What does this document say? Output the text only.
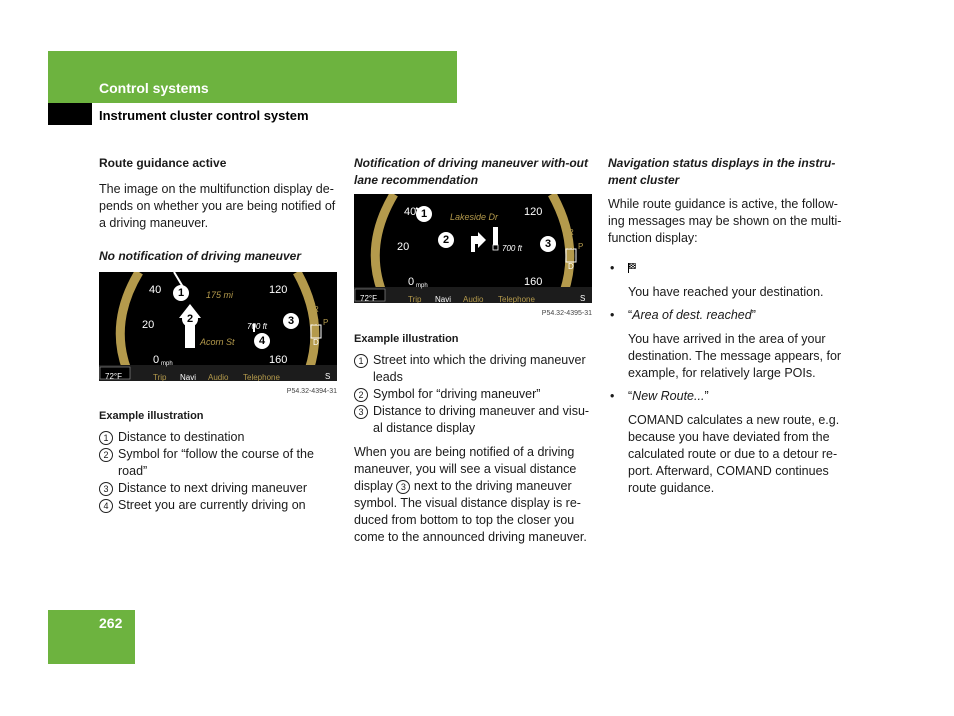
Control systems
Instrument cluster control system

Route guidance active

The image on the multifunction display de-pends on whether you are being notified of a driving maneuver.

No notification of driving maneuver

40	120
20
160
0 mph
1	175 mi
2
700 ft	3
Acorn St	4
R
N P
D
72°F	Trip Navi Audio Telephone	S
P54.32-4394-31

Example illustration

1 Distance to destination
2 Symbol for “follow the course of the road”
3 Distance to next driving maneuver
4 Street you are currently driving on

Notification of driving maneuver with-out lane recommendation

40	120
20
160
0 mph
1	Lakeside Dr
2
700 ft	3
R
N P
D
72°F	Trip Navi Audio Telephone	S
P54.32-4395-31

Example illustration

1 Street into which the driving maneuver leads
2 Symbol for “driving maneuver”
3 Distance to driving maneuver and visu-al distance display

When you are being notified of a driving maneuver, you will see a visual distance display 3 next to the driving maneuver symbol. The visual distance display is re-duced from bottom to top the closer you come to the announced driving maneuver.

Navigation status displays in the instru-ment cluster

While route guidance is active, the follow-ing messages may be shown on the multi-function display:

• You have reached your destination.

• “Area of dest. reached”

You have arrived in the area of your destination. The message appears, for example, for relatively large POIs.

• “New Route...”

COMAND calculates a new route, e.g. because you have deviated from the calculated route or due to a detour re-port. Afterward, COMAND continues route guidance.

262
